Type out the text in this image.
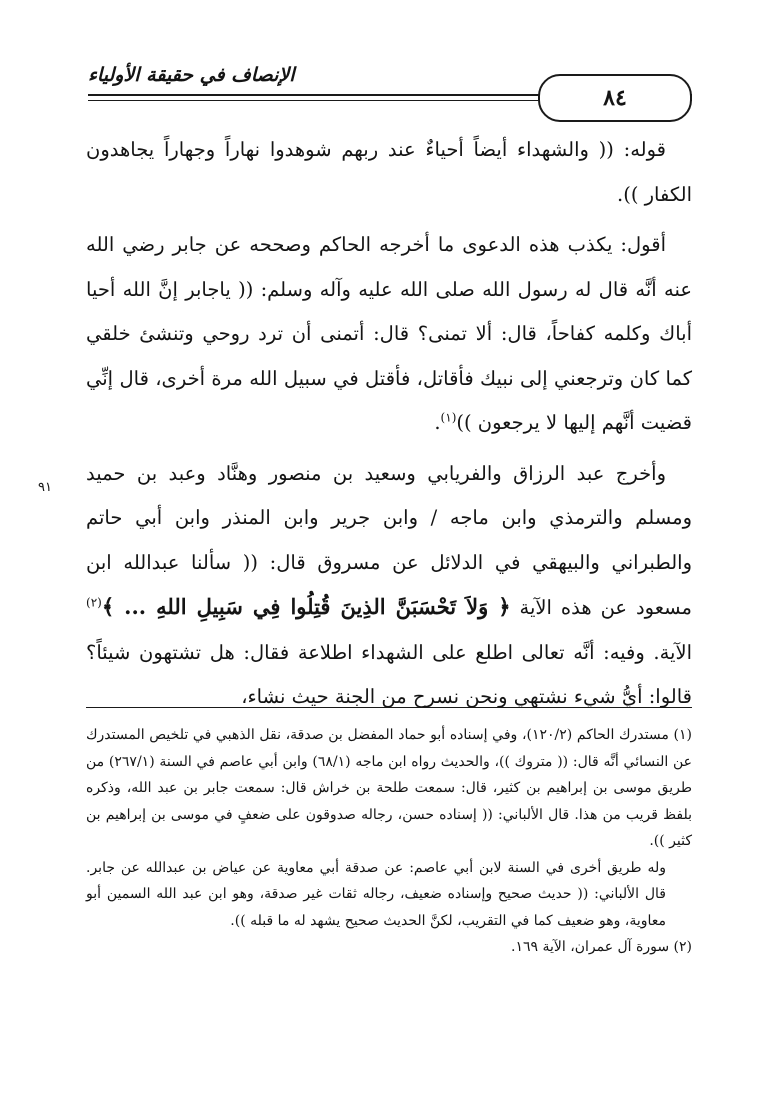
الإنصاف في حقيقة الأولياء
٨٤
٩١

قوله: (( والشهداء أيضاً أحياءٌ عند ربهم شوهدوا نهاراً وجهاراً يجاهدون الكفار )).

أقول: يكذب هذه الدعوى ما أخرجه الحاكم وصححه عن جابر رضي الله عنه أنَّه قال له رسول الله صلى الله عليه وآله وسلم: (( ياجابر إنَّ الله أحيا أباك وكلمه كفاحاً، قال: ألا تمنى؟ قال: أتمنى أن ترد روحي وتنشئ خلقي كما كان وترجعني إلى نبيك فأقاتل، فأقتل في سبيل الله مرة أخرى، قال إنِّي قضيت أنَّهم إليها لا يرجعون ))$^{(١)}$.

وأخرج عبد الرزاق والفريابي وسعيد بن منصور وهنَّاد وعبد بن حميد ومسلم والترمذي وابن ماجه / وابن جرير وابن المنذر وابن أبي حاتم والطبراني والبيهقي في الدلائل عن مسروق قال: (( سألنا عبدالله ابن مسعود عن هذه الآية ﴿ وَلاَ تَحْسَبَنَّ الذِينَ قُتِلُوا فِي سَبِيلِ اللهِ ... ﴾$^{(٢)}$ الآية. وفيه: أنَّه تعالى اطلع على الشهداء اطلاعة فقال: هل تشتهون شيئاً؟ قالوا: أيُّ شيء نشتهي ونحن نسرح من الجنة حيث نشاء،

(١) مستدرك الحاكم (١٢٠/٢)، وفي إسناده أبو حماد المفضل بن صدقة، نقل الذهبي في تلخيص المستدرك عن النسائي أنَّه قال: (( متروك ))، والحديث رواه ابن ماجه (٦٨/١) وابن أبي عاصم في السنة (٢٦٧/١) من طريق موسى بن إبراهيم بن كثير، قال: سمعت طلحة بن خراش قال: سمعت جابر بن عبد الله، وذكره بلفظ قريب من هذا. قال الألباني: (( إسناده حسن، رجاله صدوقون على ضعفٍ في موسى بن إبراهيم بن كثير )).

وله طريق أخرى في السنة لابن أبي عاصم: عن صدقة أبي معاوية عن عياض بن عبدالله عن جابر. قال الألباني: (( حديث صحيح وإسناده ضعيف، رجاله ثقات غير صدقة، وهو ابن عبد الله السمين أبو معاوية، وهو ضعيف كما في التقريب، لكنَّ الحديث صحيح يشهد له ما قبله )).

(٢) سورة آل عمران، الآية ١٦٩.
